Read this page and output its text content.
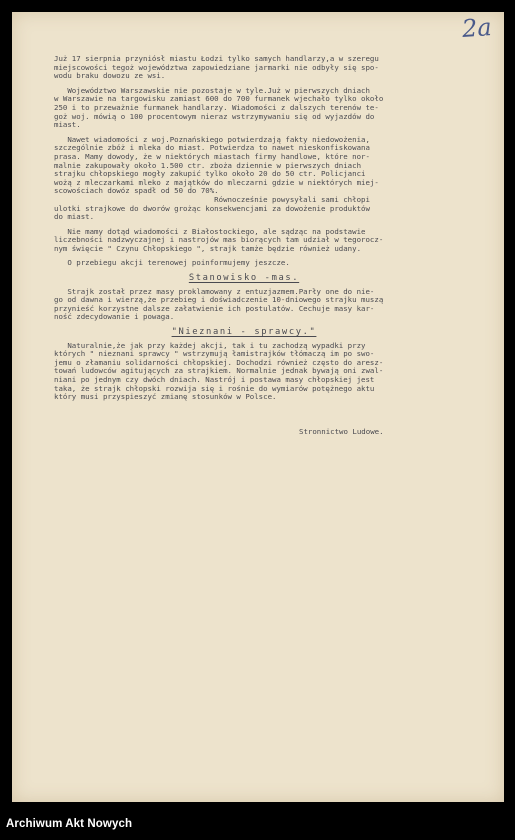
2a
Już 17 sierpnia przyniósł miastu Łodzi tylko samych handlarzy,a w szeregu
miejscowości tegoż województwa zapowiedziane jarmarki nie odbyły się spo-
wodu braku dowozu ze wsi.
Województwo Warszawskie nie pozostaje w tyle.Już w pierwszych dniach
w Warszawie na targowisku zamiast 600 do 700 furmanek wjechało tylko około
250 i to przeważnie furmanek handlarzy. Wiadomości z dalszych terenów te-
goż woj. mówią o 100 procentowym nieraz wstrzymywaniu się od wyjazdów do
miast.
Nawet wiadomości z woj.Poznańskiego potwierdzają fakty niedowożenia,
szczególnie zbóż i mleka do miast. Potwierdza to nawet nieskonfiskowana
prasa. Mamy dowody, że w niektórych miastach firmy handlowe, które nor-
malnie zakupowały około 1.500 ctr. zboża dziennie w pierwszych dniach
strajku chłopskiego mogły zakupić tylko około 20 do 50 ctr. Policjanci
wożą z mleczarkami mleko z majątków do mleczarni gdzie w niektórych miej-
scowościach dowóz spadł od 50 do 70%.
Równocześnie powysyłali sami chłopi
ulotki strajkowe do dworów grożąc konsekwencjami za dowożenie produktów
do miast.
Nie mamy dotąd wiadomości z Białostockiego, ale sądząc na podstawie
liczebności nadzwyczajnej i nastrojów mas biorących tam udział w tegorocz-
nym święcie " Czynu Chłopskiego ", strajk tamże będzie również udany.
O przebiegu akcji terenowej poinformujemy jeszcze.
Stanowisko -mas.
Strajk został przez masy proklamowany z entuzjazmem.Parły one do nie-
go od dawna i wierzą,że przebieg i doświadczenie 10-dniowego strajku muszą
przynieść korzystne dalsze załatwienie ich postulatów. Cechuje masy kar-
ność zdecydowanie i powaga.
"Nieznani - sprawcy."
Naturalnie,że jak przy każdej akcji, tak i tu zachodzą wypadki przy
których " nieznani sprawcy " wstrzymują łamistrajków tłómaczą im po swo-
jemu o złamaniu solidarności chłopskiej. Dochodzi również często do aresz-
towań ludowców agitujących za strajkiem. Normalnie jednak bywają oni zwal-
niani po jednym czy dwóch dniach. Nastrój i postawa masy chłopskiej jest
taka, że strajk chłopski rozwija się i rośnie do wymiarów potężnego aktu
który musi przyspieszyć zmianę stosunków w Polsce.
Stronnictwo Ludowe.
Archiwum Akt Nowych
